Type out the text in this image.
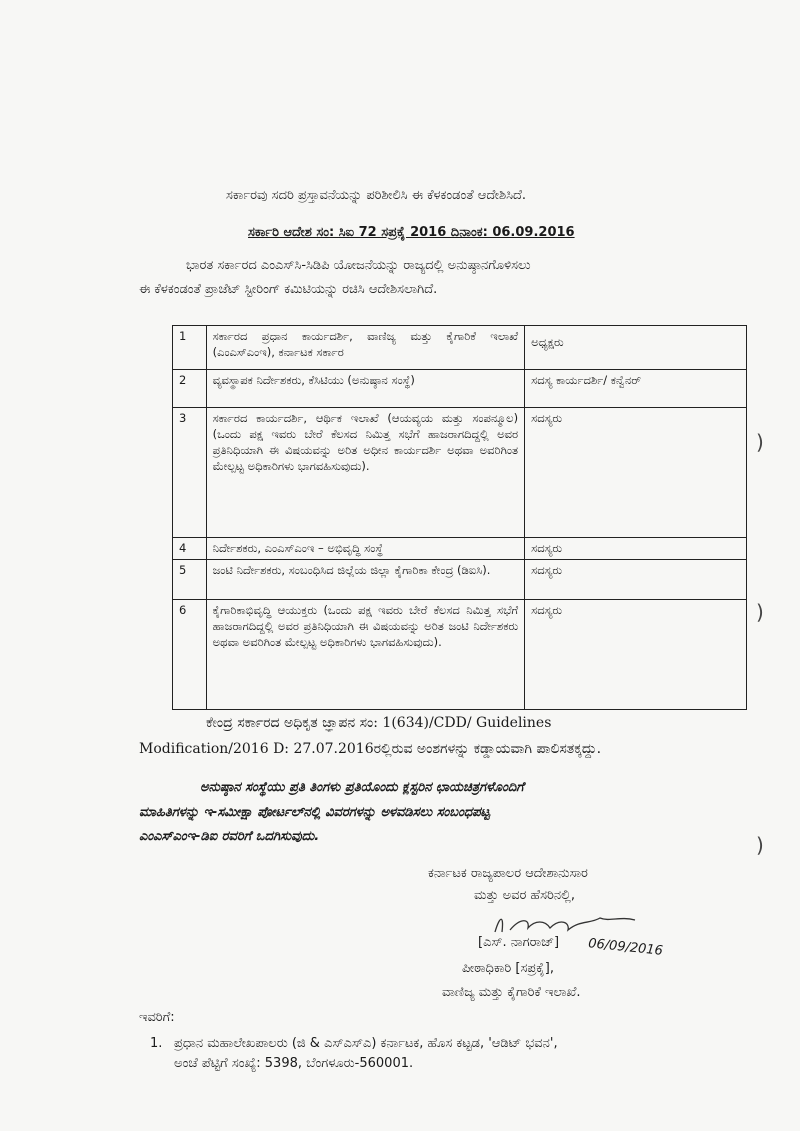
ಸರ್ಕಾರವು ಸದರಿ ಪ್ರಸ್ತಾವನೆಯನ್ನು ಪರಿಶೀಲಿಸಿ ಈ ಕೆಳಕಂಡಂತೆ ಆದೇಶಿಸಿದೆ.
ಸರ್ಕಾರಿ ಆದೇಶ ಸಂ: ಸಿಐ 72 ಸಪ್ರಕೈ 2016 ದಿನಾಂಕ: 06.09.2016
ಭಾರತ ಸರ್ಕಾರದ ಎಂಎಸ್‌ಸಿ-ಸಿಡಿಪಿ ಯೋಜನೆಯನ್ನು ರಾಜ್ಯದಲ್ಲಿ ಅನುಷ್ಠಾನಗೊಳಿಸಲು
ಈ ಕೆಳಕಂಡಂತೆ ಪ್ರಾಜೆಟ್ ಸ್ಟೀರಿಂಗ್ ಕಮಿಟಿಯನ್ನು ರಚಿಸಿ ಆದೇಶಿಸಲಾಗಿದೆ.
1	ಸರ್ಕಾರದ ಪ್ರಧಾನ ಕಾರ್ಯದರ್ಶಿ, ವಾಣಿಜ್ಯ ಮತ್ತು ಕೈಗಾರಿಕೆ ಇಲಾಖೆ (ಎಂಎಸ್‌ಎಂಇ), ಕರ್ನಾಟಕ ಸರ್ಕಾರ	ಅಧ್ಯಕ್ಷರು
2	ವ್ಯವಸ್ಥಾಪಕ ನಿರ್ದೇಶಕರು, ಕೆಸಿಟಿಯು (ಅನುಷ್ಠಾನ ಸಂಸ್ಥೆ)	ಸದಸ್ಯ ಕಾರ್ಯದರ್ಶಿ/ ಕನ್ವೆನರ್
3	ಸರ್ಕಾರದ ಕಾರ್ಯದರ್ಶಿ, ಆರ್ಥಿಕ ಇಲಾಖೆ (ಆಯವ್ಯಯ ಮತ್ತು ಸಂಪನ್ಮೂಲ) (ಒಂದು ಪಕ್ಷ ಇವರು ಬೇರೆ ಕೆಲಸದ ನಿಮಿತ್ತ ಸಭೆಗೆ ಹಾಜರಾಗದಿದ್ದಲ್ಲಿ ಅವರ ಪ್ರತಿನಿಧಿಯಾಗಿ ಈ ವಿಷಯವನ್ನು ಅರಿತ ಅಧೀನ ಕಾರ್ಯದರ್ಶಿ ಅಥವಾ ಅವರಿಗಿಂತ ಮೇಲ್ಪಟ್ಟ ಅಧಿಕಾರಿಗಳು ಭಾಗವಹಿಸುವುದು).	ಸದಸ್ಯರು
4	ನಿರ್ದೇಶಕರು, ಎಂಎಸ್‌ಎಂಇ – ಅಭಿವೃದ್ಧಿ ಸಂಸ್ಥೆ	ಸದಸ್ಯರು
5	ಜಂಟಿ ನಿರ್ದೇಶಕರು, ಸಂಬಂಧಿಸಿದ ಜಿಲ್ಲೆಯ ಜಿಲ್ಲಾ ಕೈಗಾರಿಕಾ ಕೇಂದ್ರ (ಡಿಐಸಿ).	ಸದಸ್ಯರು
6	ಕೈಗಾರಿಕಾಭಿವೃದ್ಧಿ ಆಯುಕ್ತರು (ಒಂದು ಪಕ್ಷ ಇವರು ಬೇರೆ ಕೆಲಸದ ನಿಮಿತ್ತ ಸಭೆಗೆ ಹಾಜರಾಗದಿದ್ದಲ್ಲಿ ಅವರ ಪ್ರತಿನಿಧಿಯಾಗಿ ಈ ವಿಷಯವನ್ನು ಅರಿತ ಜಂಟಿ ನಿರ್ದೇಶಕರು ಅಥವಾ ಅವರಿಗಿಂತ ಮೇಲ್ಪಟ್ಟ ಅಧಿಕಾರಿಗಳು ಭಾಗವಹಿಸುವುದು).	ಸದಸ್ಯರು
ಕೇಂದ್ರ ಸರ್ಕಾರದ ಅಧಿಕೃತ ಜ್ಞಾಪನ ಸಂ: 1(634)/CDD/ Guidelines
Modification/2016 D: 27.07.2016ರಲ್ಲಿರುವ ಅಂಶಗಳನ್ನು ಕಡ್ಡಾಯವಾಗಿ ಪಾಲಿಸತಕ್ಕದ್ದು.
ಅನುಷ್ಠಾನ ಸಂಸ್ಥೆಯು ಪ್ರತಿ ತಿಂಗಳು ಪ್ರತಿಯೊಂದು ಕ್ಲಸ್ಟರಿನ ಛಾಯಚಿತ್ರಗಳೊಂದಿಗೆ
ಮಾಹಿತಿಗಳನ್ನು ಇ-ಸಮೀಕ್ಷಾ ಪೋರ್ಟಲ್‌ನಲ್ಲಿ ವಿವರಗಳನ್ನು ಅಳವಡಿಸಲು ಸಂಬಂಧಪಟ್ಟ
ಎಂಎಸ್‌ಎಂಇ-ಡಿಐ ರವರಿಗೆ ಒದಗಿಸುವುದು.
ಕರ್ನಾಟಕ ರಾಜ್ಯಪಾಲರ ಆದೇಶಾನುಸಾರ
ಮತ್ತು ಅವರ ಹೆಸರಿನಲ್ಲಿ,
[ಎಸ್. ನಾಗರಾಜ್] 06/09/2016
ಪೀಠಾಧಿಕಾರಿ [ಸಪ್ರಕೈ],
ವಾಣಿಜ್ಯ ಮತ್ತು ಕೈಗಾರಿಕೆ ಇಲಾಖೆ.
ಇವರಿಗೆ:
1. ಪ್ರಧಾನ ಮಹಾಲೇಖಪಾಲರು (ಜಿ & ಎಸ್‌ಎಸ್‌ಎ) ಕರ್ನಾಟಕ, ಹೊಸ ಕಟ್ಟಡ, 'ಆಡಿಟ್ ಭವನ',
ಅಂಚೆ ಪೆಟ್ಟಿಗೆ ಸಂಖ್ಯೆ: 5398, ಬೆಂಗಳೂರು-560001.
)
)
)
